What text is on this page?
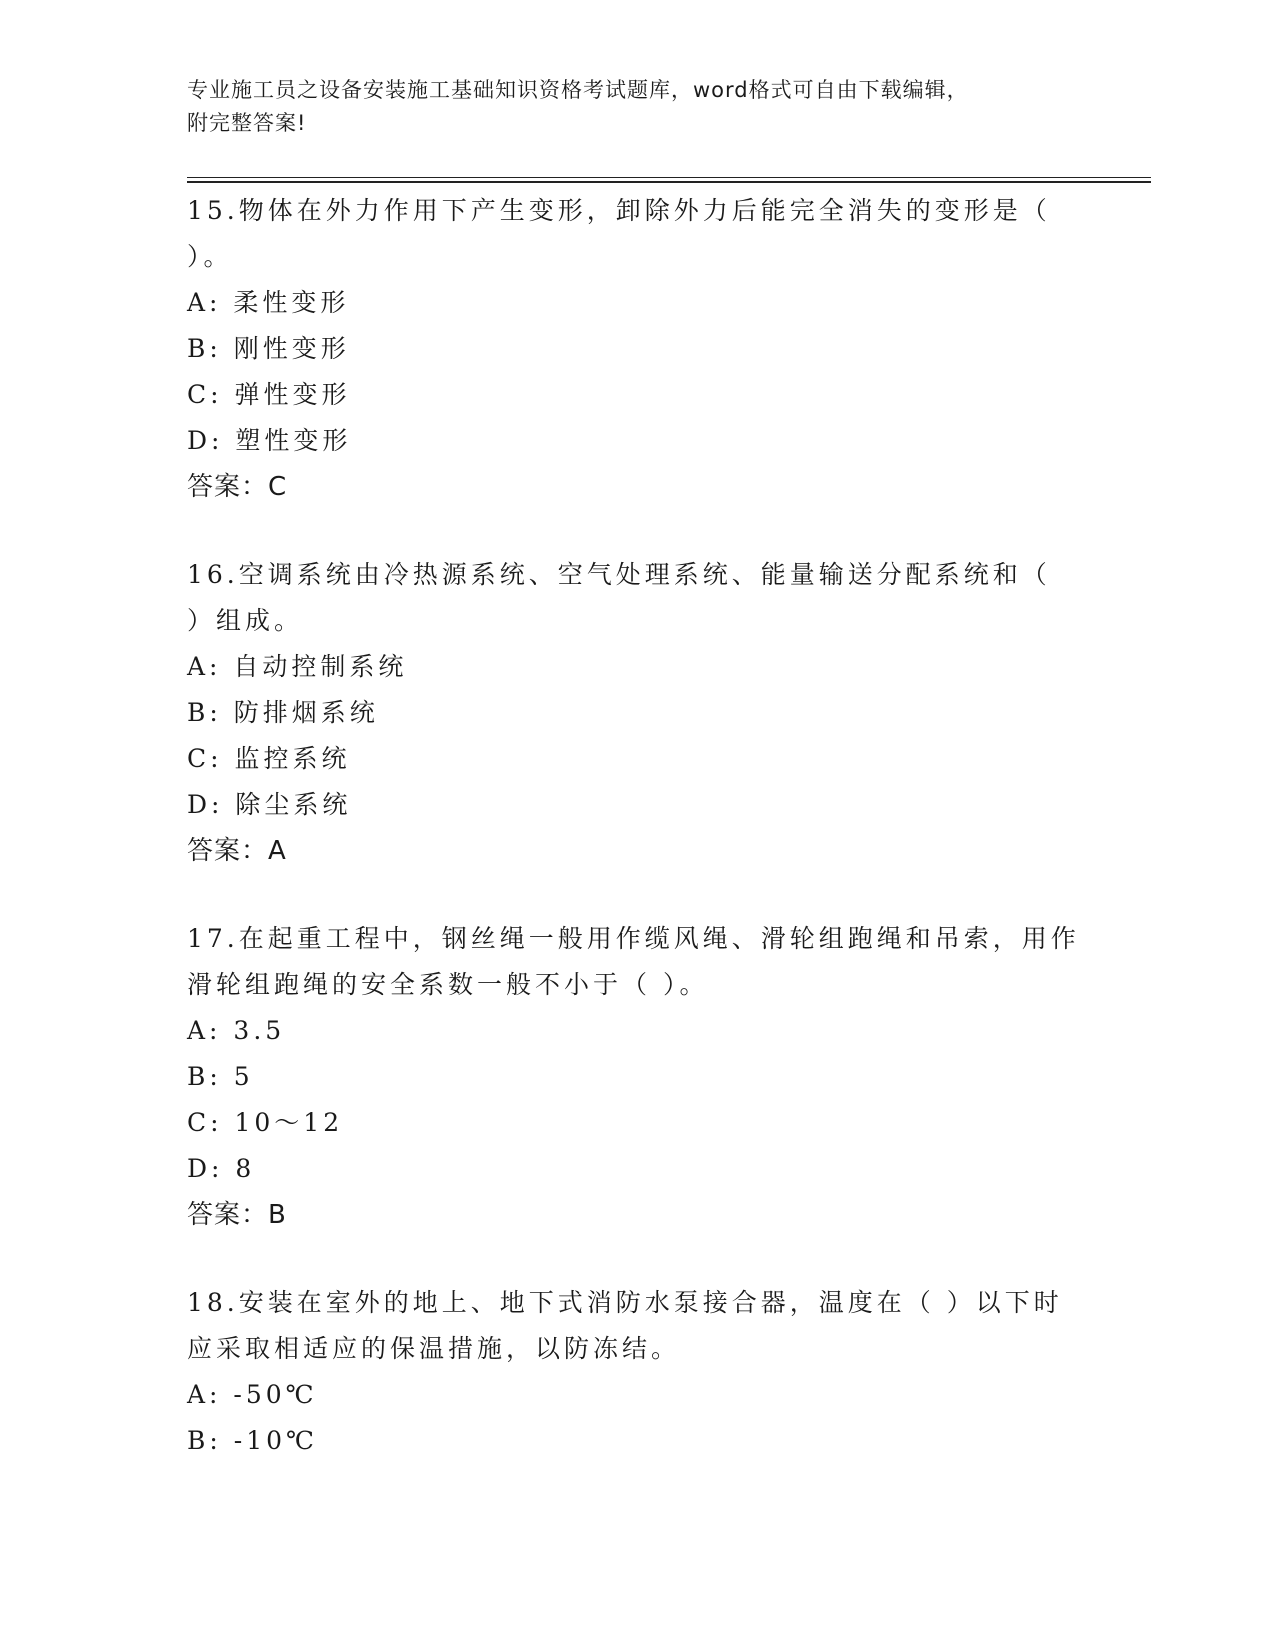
专业施工员之设备安装施工基础知识资格考试题库，word格式可自由下载编辑，
附完整答案!
15.物体在外力作用下产生变形，卸除外力后能完全消失的变形是（
）。
A: 柔性变形
B: 刚性变形
C: 弹性变形
D: 塑性变形
答案：C
16.空调系统由冷热源系统、空气处理系统、能量输送分配系统和（
）组成。
A: 自动控制系统
B: 防排烟系统
C: 监控系统
D: 除尘系统
答案：A
17.在起重工程中，钢丝绳一般用作缆风绳、滑轮组跑绳和吊索，用作
滑轮组跑绳的安全系数一般不小于（ ）。
A: 3.5
B: 5
C: 10～12
D: 8
答案：B
18.安装在室外的地上、地下式消防水泵接合器，温度在（ ）以下时
应采取相适应的保温措施，以防冻结。
A: -50℃
B: -10℃
